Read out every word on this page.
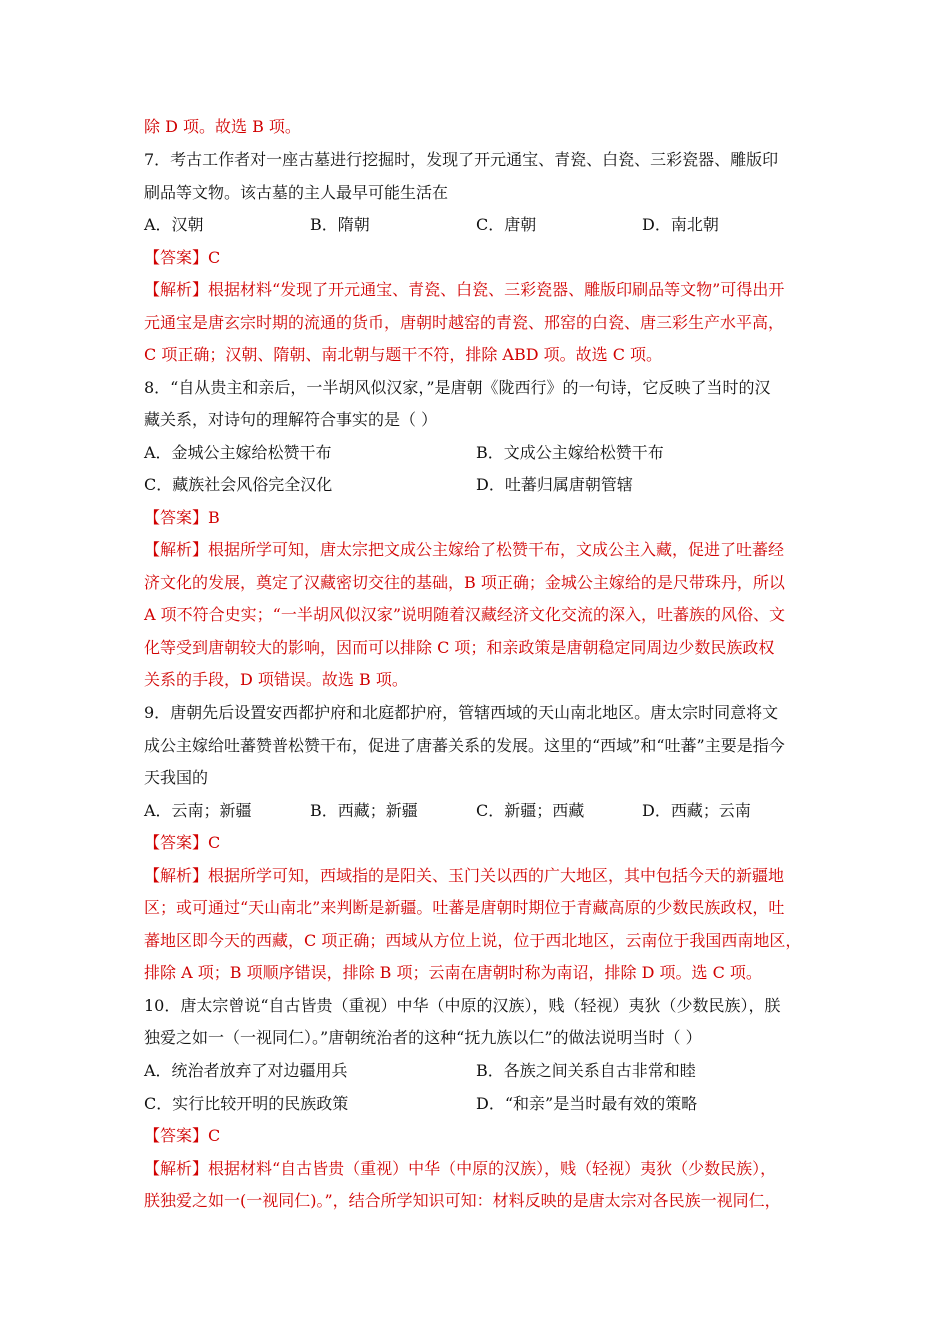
除 D 项。故选 B 项。
7．考古工作者对一座古墓进行挖掘时，发现了开元通宝、青瓷、白瓷、三彩瓷器、雕版印
刷品等文物。该古墓的主人最早可能生活在
A．汉朝	B．隋朝	C．唐朝	D．南北朝
【答案】C
【解析】根据材料“发现了开元通宝、青瓷、白瓷、三彩瓷器、雕版印刷品等文物”可得出开
元通宝是唐玄宗时期的流通的货币，唐朝时越窑的青瓷、邢窑的白瓷、唐三彩生产水平高，
C 项正确；汉朝、隋朝、南北朝与题干不符，排除 ABD 项。故选 C 项。
8．“自从贵主和亲后，一半胡风似汉家，”是唐朝《陇西行》的一句诗，它反映了当时的汉
藏关系，对诗句的理解符合事实的是（ ）
A．金城公主嫁给松赞干布	B．文成公主嫁给松赞干布
C．藏族社会风俗完全汉化	D．吐蕃归属唐朝管辖
【答案】B
【解析】根据所学可知，唐太宗把文成公主嫁给了松赞干布，文成公主入藏，促进了吐蕃经
济文化的发展，奠定了汉藏密切交往的基础，B 项正确；金城公主嫁给的是尺带珠丹，所以
A 项不符合史实；“一半胡风似汉家”说明随着汉藏经济文化交流的深入，吐蕃族的风俗、文
化等受到唐朝较大的影响，因而可以排除 C 项；和亲政策是唐朝稳定同周边少数民族政权
关系的手段，D 项错误。故选 B 项。
9．唐朝先后设置安西都护府和北庭都护府，管辖西域的天山南北地区。唐太宗时同意将文
成公主嫁给吐蕃赞普松赞干布，促进了唐蕃关系的发展。这里的“西域”和“吐蕃”主要是指今
天我国的
A．云南；新疆	B．西藏；新疆	C．新疆；西藏	D．西藏；云南
【答案】C
【解析】根据所学可知，西域指的是阳关、玉门关以西的广大地区，其中包括今天的新疆地
区；或可通过“天山南北”来判断是新疆。吐蕃是唐朝时期位于青藏高原的少数民族政权，吐
蕃地区即今天的西藏，C 项正确；西域从方位上说，位于西北地区，云南位于我国西南地区，
排除 A 项；B 项顺序错误，排除 B 项；云南在唐朝时称为南诏，排除 D 项。选 C 项。
10．唐太宗曾说“自古皆贵（重视）中华（中原的汉族），贱（轻视）夷狄（少数民族），朕
独爱之如一（一视同仁）。”唐朝统治者的这种“抚九族以仁”的做法说明当时（ ）
A．统治者放弃了对边疆用兵	B．各族之间关系自古非常和睦
C．实行比较开明的民族政策	D．“和亲”是当时最有效的策略
【答案】C
【解析】根据材料“自古皆贵（重视）中华（中原的汉族），贱（轻视）夷狄（少数民族），
朕独爱之如一(一视同仁)。”，结合所学知识可知：材料反映的是唐太宗对各民族一视同仁，
